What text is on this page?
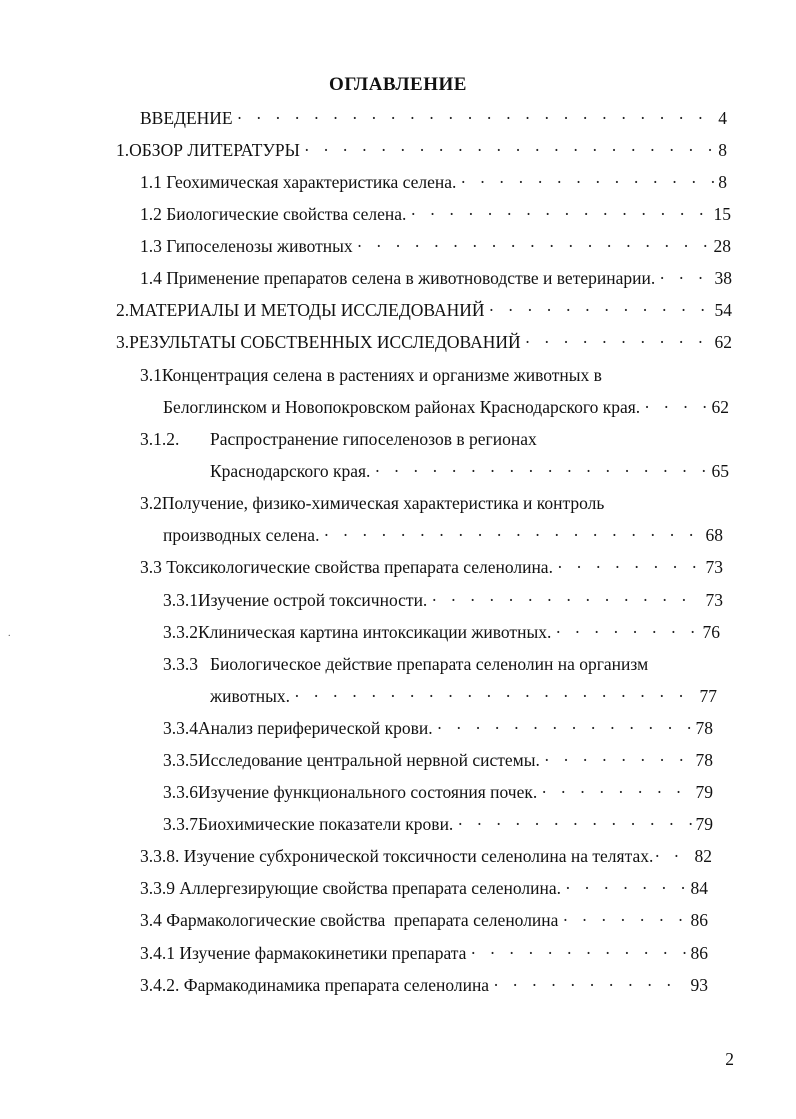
ОГЛАВЛЕНИЕ
ВВЕДЕНИЕ · · ·	4
1. ОБЗОР ЛИТЕРАТУРЫ · · ·	8
1.1 Геохимическая характеристика селена. · · ·	8
1.2 Биологические свойства селена. · · ·	15
1.3 Гипоселенозы животных · · ·	28
1.4 Применение препаратов селена в животноводстве и ветеринарии. · · ·	38
2. МАТЕРИАЛЫ И МЕТОДЫ ИССЛЕДОВАНИЙ · · ·	54
3. РЕЗУЛЬТАТЫ СОБСТВЕННЫХ ИССЛЕДОВАНИЙ · · ·	62
3.1Концентрация селена в растениях и организме животных в
Белоглинском и Новопокровском районах Краснодарского края. · · ·	62
3.1.2. Распространение гипоселенозов в регионах
Краснодарского края. · · ·	65
3.2Получение, физико-химическая характеристика и контроль
производных селена. · · ·	68
3.3 Токсикологические свойства препарата селенолина. · · ·	73
3.3.1 Изучение острой токсичности. · · ·	73
3.3.2 Клиническая картина интоксикации животных. · · ·	76
3.3.3 Биологическое действие препарата селенолин на организм
животных. · · ·	77
3.3.4 Анализ периферической крови. · · ·	78
3.3.5 Исследование центральной нервной системы. · · ·	78
3.3.6 Изучение функционального состояния почек. · · ·	79
3.3.7 Биохимические показатели крови. · · ·	79
3.3.8. Изучение субхронической токсичности селенолина на телятах. · · · 82
3.3.9 Аллергезирующие свойства препарата селенолина. · · ·	84
3.4 Фармакологические свойства  препарата селенолина · · ·	86
3.4.1 Изучение фармакокинетики препарата · · ·	86
3.4.2. Фармакодинамика препарата селенолина · · ·	93
.
2
